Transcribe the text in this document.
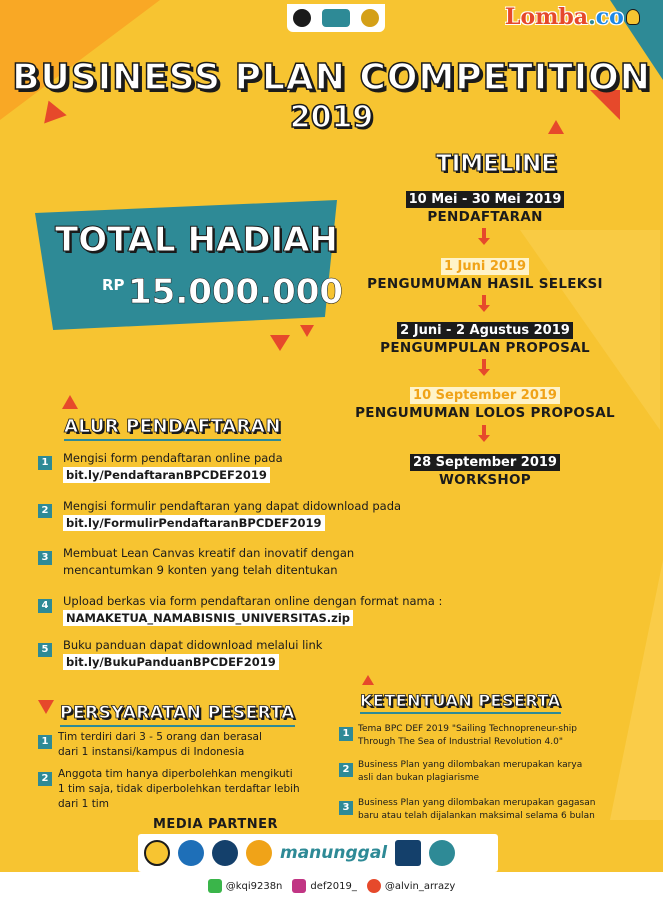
Lomba . co
BUSINESS PLAN COMPETITION
2019
TOTAL HADIAH
RP 15.000.000
TIMELINE
10 Mei - 30 Mei 2019
PENDAFTARAN
1 Juni 2019
PENGUMUMAN HASIL SELEKSI
2 Juni - 2 Agustus 2019
PENGUMPULAN PROPOSAL
10 September 2019
PENGUMUMAN LOLOS PROPOSAL
28 September 2019
WORKSHOP
ALUR PENDAFTARAN
1	Mengisi form pendaftaran online pada
bit.ly/PendaftaranBPCDEF2019
2	Mengisi formulir pendaftaran yang dapat didownload pada
bit.ly/FormulirPendaftaranBPCDEF2019
3	Membuat Lean Canvas kreatif dan inovatif dengan
mencantumkan 9 konten yang telah ditentukan
4	Upload berkas via form pendaftaran online dengan format nama :
NAMAKETUA_NAMABISNIS_UNIVERSITAS.zip
5	Buku panduan dapat didownload melalui link
bit.ly/BukuPanduanBPCDEF2019
PERSYARATAN PESERTA
1 Tim terdiri dari 3 - 5 orang dan berasal
dari 1 instansi/kampus di Indonesia
2 Anggota tim hanya diperbolehkan mengikuti
1 tim saja, tidak diperbolehkan terdaftar lebih
dari 1 tim
KETENTUAN PESERTA
1 Tema BPC DEF 2019 "Sailing Technopreneur-ship
Through The Sea of Industrial Revolution 4.0"
2 Business Plan yang dilombakan merupakan karya
asli dan bukan plagiarisme
3 Business Plan yang dilombakan merupakan gagasan
baru atau telah dijalankan maksimal selama 6 bulan
MEDIA PARTNER
manunggal
@kqi9238n	def2019_	@alvin_arrazy
